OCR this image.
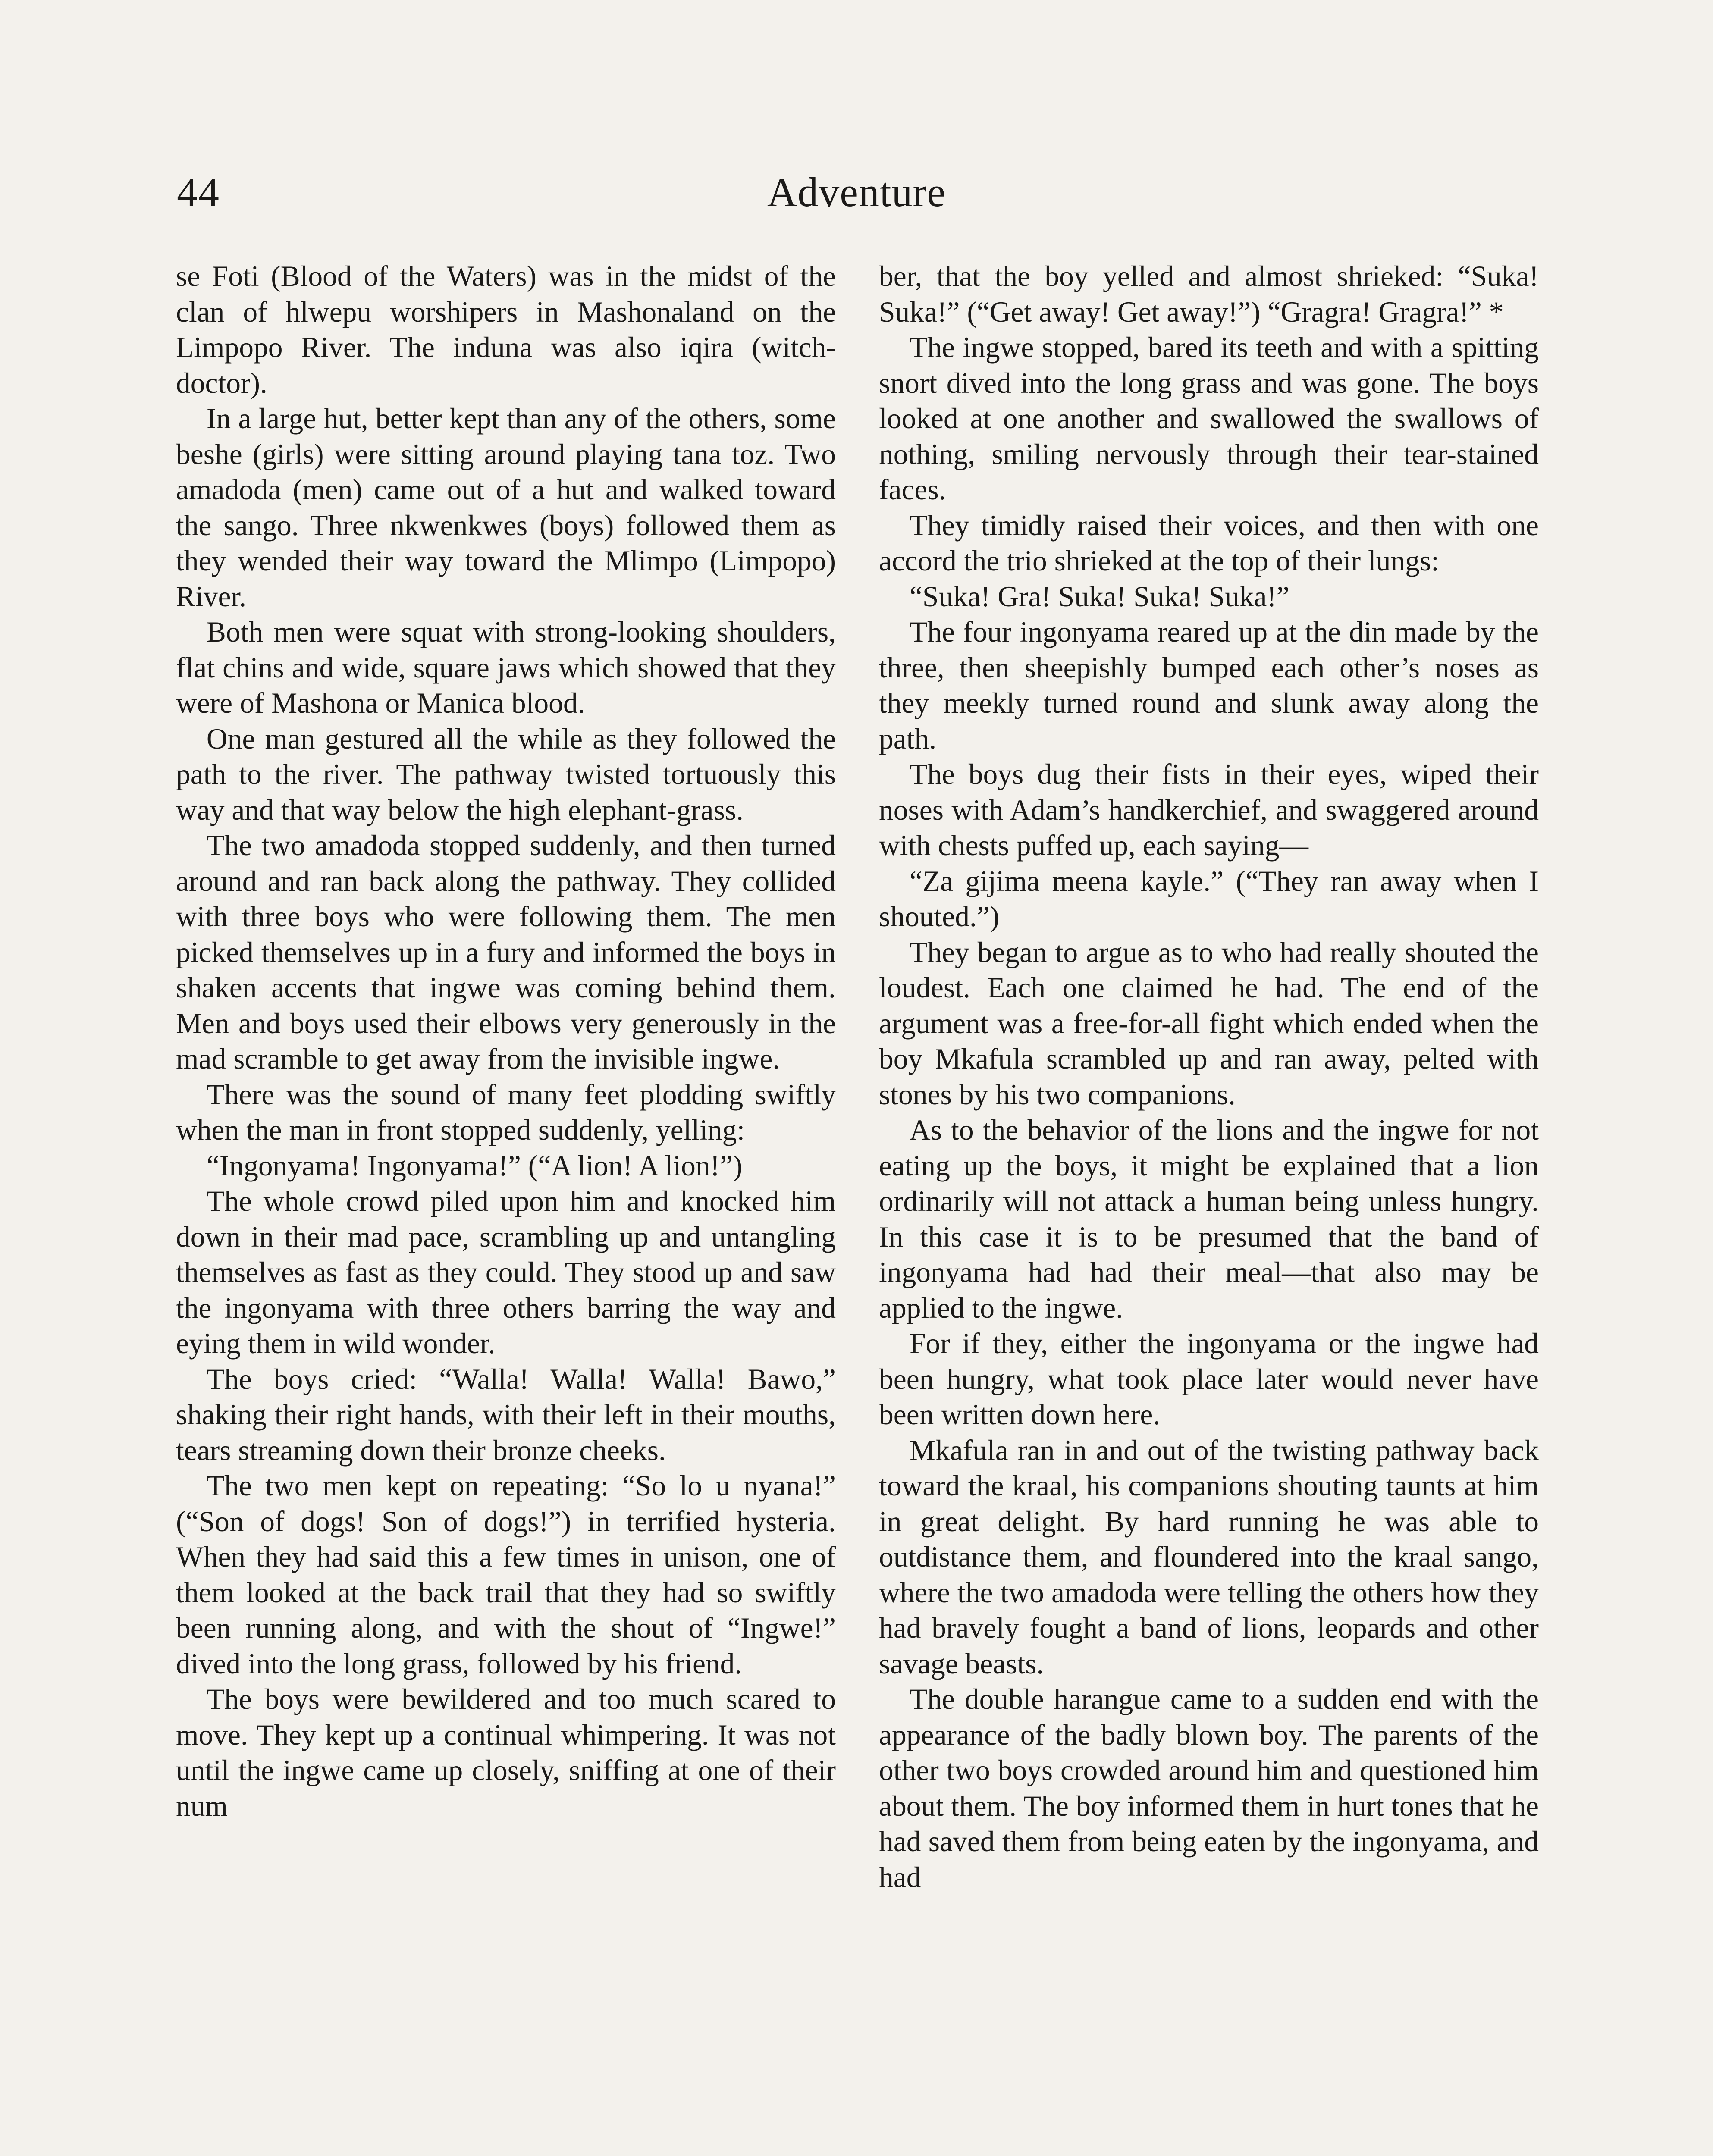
44	Adventure

se Foti (Blood of the Waters) was in the midst of the clan of hlwepu worshipers in Mashonaland on the Limpopo River. The induna was also iqira (witch-doctor).

In a large hut, better kept than any of the others, some beshe (girls) were sitting around playing tana toz. Two amadoda (men) came out of a hut and walked toward the sango. Three nkwenkwes (boys) followed them as they wended their way toward the Mlimpo (Limpopo) River.

Both men were squat with strong-looking shoulders, flat chins and wide, square jaws which showed that they were of Mashona or Manica blood.

One man gestured all the while as they followed the path to the river. The pathway twisted tortuously this way and that way below the high elephant-grass.

The two amadoda stopped suddenly, and then turned around and ran back along the pathway. They collided with three boys who were following them. The men picked themselves up in a fury and informed the boys in shaken accents that ingwe was coming behind them. Men and boys used their elbows very generously in the mad scramble to get away from the invisible ingwe.

There was the sound of many feet plodding swiftly when the man in front stopped suddenly, yelling:

“Ingonyama! Ingonyama!” (“A lion! A lion!”)

The whole crowd piled upon him and knocked him down in their mad pace, scrambling up and untangling themselves as fast as they could. They stood up and saw the ingonyama with three others barring the way and eying them in wild wonder.

The boys cried: “Walla! Walla! Walla! Bawo,” shaking their right hands, with their left in their mouths, tears streaming down their bronze cheeks.

The two men kept on repeating: “So lo u nyana!” (“Son of dogs! Son of dogs!”) in terrified hysteria. When they had said this a few times in unison, one of them looked at the back trail that they had so swiftly been running along, and with the shout of “Ingwe!” dived into the long grass, followed by his friend.

The boys were bewildered and too much scared to move. They kept up a continual whimpering. It was not until the ingwe came up closely, sniffing at one of their num

ber, that the boy yelled and almost shrieked: “Suka! Suka!” (“Get away! Get away!”) “Gragra! Gragra!” *

The ingwe stopped, bared its teeth and with a spitting snort dived into the long grass and was gone. The boys looked at one another and swallowed the swallows of nothing, smiling nervously through their tear-stained faces.

They timidly raised their voices, and then with one accord the trio shrieked at the top of their lungs:

“Suka! Gra! Suka! Suka! Suka!”

The four ingonyama reared up at the din made by the three, then sheepishly bumped each other’s noses as they meekly turned round and slunk away along the path.

The boys dug their fists in their eyes, wiped their noses with Adam’s handkerchief, and swaggered around with chests puffed up, each saying—

“Za gijima meena kayle.” (“They ran away when I shouted.”)

They began to argue as to who had really shouted the loudest. Each one claimed he had. The end of the argument was a free-for-all fight which ended when the boy Mkafula scrambled up and ran away, pelted with stones by his two companions.

As to the behavior of the lions and the ingwe for not eating up the boys, it might be explained that a lion ordinarily will not attack a human being unless hungry. In this case it is to be presumed that the band of ingonyama had had their meal—that also may be applied to the ingwe.

For if they, either the ingonyama or the ingwe had been hungry, what took place later would never have been written down here.

Mkafula ran in and out of the twisting pathway back toward the kraal, his companions shouting taunts at him in great delight. By hard running he was able to outdistance them, and floundered into the kraal sango, where the two amadoda were telling the others how they had bravely fought a band of lions, leopards and other savage beasts.

The double harangue came to a sudden end with the appearance of the badly blown boy. The parents of the other two boys crowded around him and questioned him about them. The boy informed them in hurt tones that he had saved them from being eaten by the ingonyama, and had
